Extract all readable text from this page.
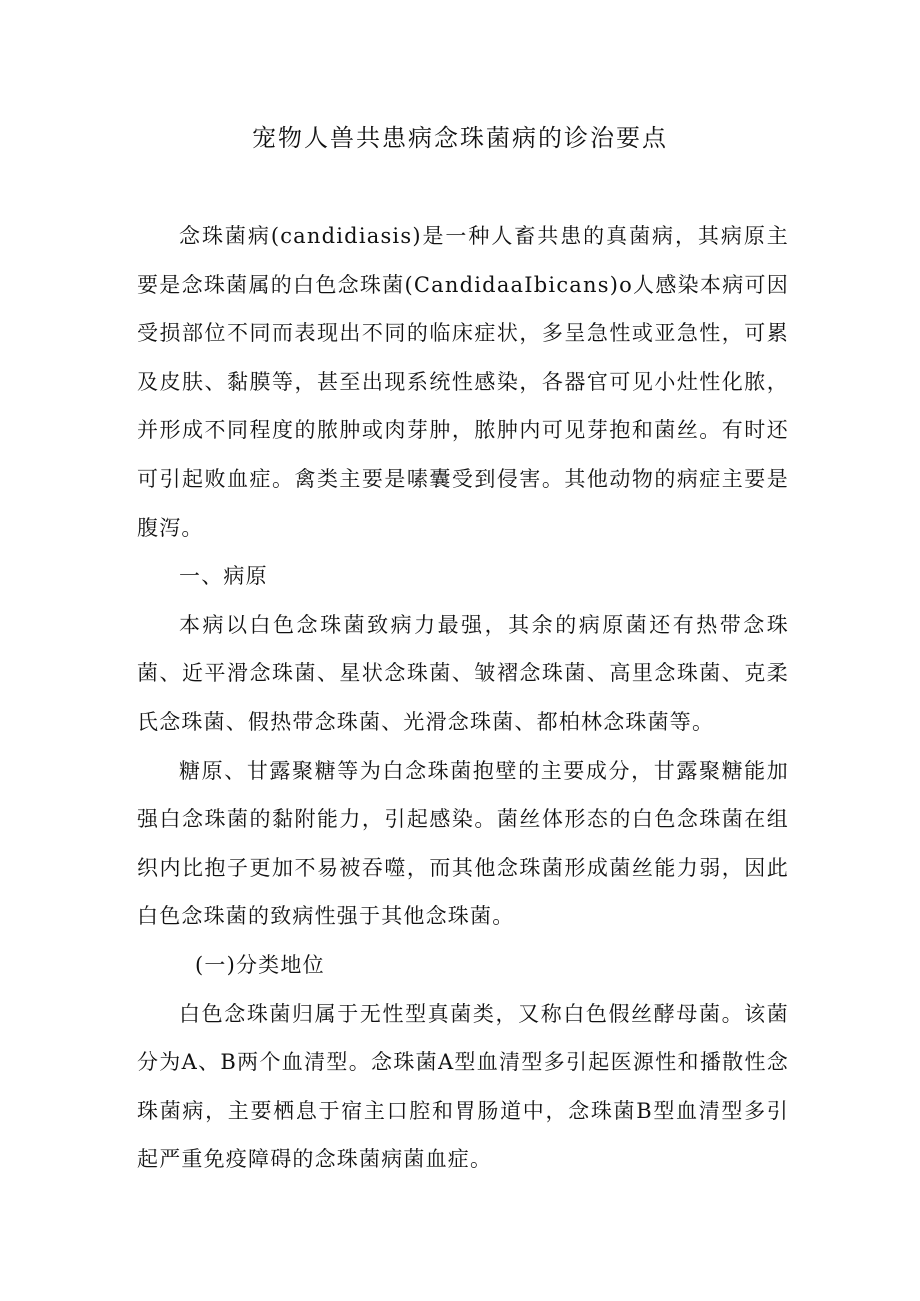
宠物人兽共患病念珠菌病的诊治要点

念珠菌病(candidiasis)是一种人畜共患的真菌病，其病原主要是念珠菌属的白色念珠菌(CandidaaIbicans)o人感染本病可因受损部位不同而表现出不同的临床症状，多呈急性或亚急性，可累及皮肤、黏膜等，甚至出现系统性感染，各器官可见小灶性化脓，并形成不同程度的脓肿或肉芽肿，脓肿内可见芽抱和菌丝。有时还可引起败血症。禽类主要是嗉囊受到侵害。其他动物的病症主要是腹泻。

一、病原

本病以白色念珠菌致病力最强，其余的病原菌还有热带念珠菌、近平滑念珠菌、星状念珠菌、皱褶念珠菌、高里念珠菌、克柔氏念珠菌、假热带念珠菌、光滑念珠菌、都柏林念珠菌等。

糖原、甘露聚糖等为白念珠菌抱壁的主要成分，甘露聚糖能加强白念珠菌的黏附能力，引起感染。菌丝体形态的白色念珠菌在组织内比抱子更加不易被吞噬，而其他念珠菌形成菌丝能力弱，因此白色念珠菌的致病性强于其他念珠菌。

(一)分类地位

白色念珠菌归属于无性型真菌类，又称白色假丝酵母菌。该菌分为A、B两个血清型。念珠菌A型血清型多引起医源性和播散性念珠菌病，主要栖息于宿主口腔和胃肠道中，念珠菌B型血清型多引起严重免疫障碍的念珠菌病菌血症。
